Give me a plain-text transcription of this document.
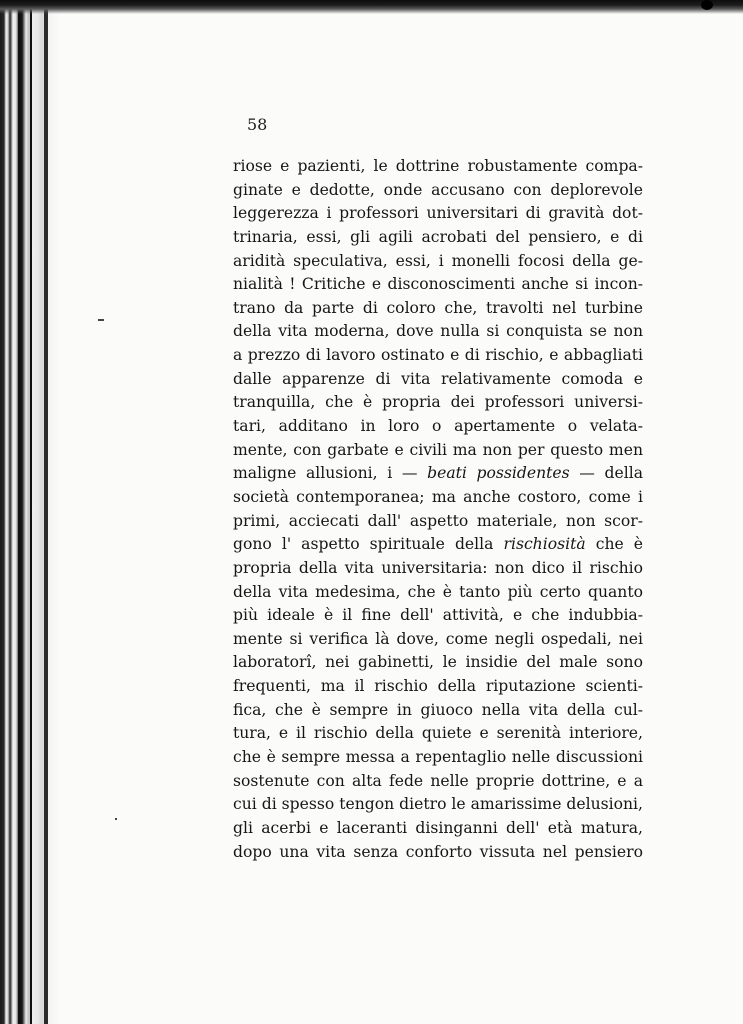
58

riose e pazienti, le dottrine robustamente compa-
ginate e dedotte, onde accusano con deplorevole
leggerezza i professori universitari di gravità dot-
trinaria, essi, gli agili acrobati del pensiero, e di
aridità speculativa, essi, i monelli focosi della ge-
nialità ! Critiche e disconoscimenti anche si incon-
trano da parte di coloro che, travolti nel turbine
della vita moderna, dove nulla si conquista se non
a prezzo di lavoro ostinato e di rischio, e abbagliati
dalle apparenze di vita relativamente comoda e
tranquilla, che è propria dei professori universi-
tari, additano in loro o apertamente o velata-
mente, con garbate e civili ma non per questo men
maligne allusioni, i — beati possidentes — della
società contemporanea; ma anche costoro, come i
primi, acciecati dall' aspetto materiale, non scor-
gono l' aspetto spirituale della rischiosità che è
propria della vita universitaria: non dico il rischio
della vita medesima, che è tanto più certo quanto
più ideale è il fine dell' attività, e che indubbia-
mente si verifica là dove, come negli ospedali, nei
laboratorî, nei gabinetti, le insidie del male sono
frequenti, ma il rischio della riputazione scienti-
fica, che è sempre in giuoco nella vita della cul-
tura, e il rischio della quiete e serenità interiore,
che è sempre messa a repentaglio nelle discussioni
sostenute con alta fede nelle proprie dottrine, e a
cui di spesso tengon dietro le amarissime delusioni,
gli acerbi e laceranti disinganni dell' età matura,
dopo una vita senza conforto vissuta nel pensiero
